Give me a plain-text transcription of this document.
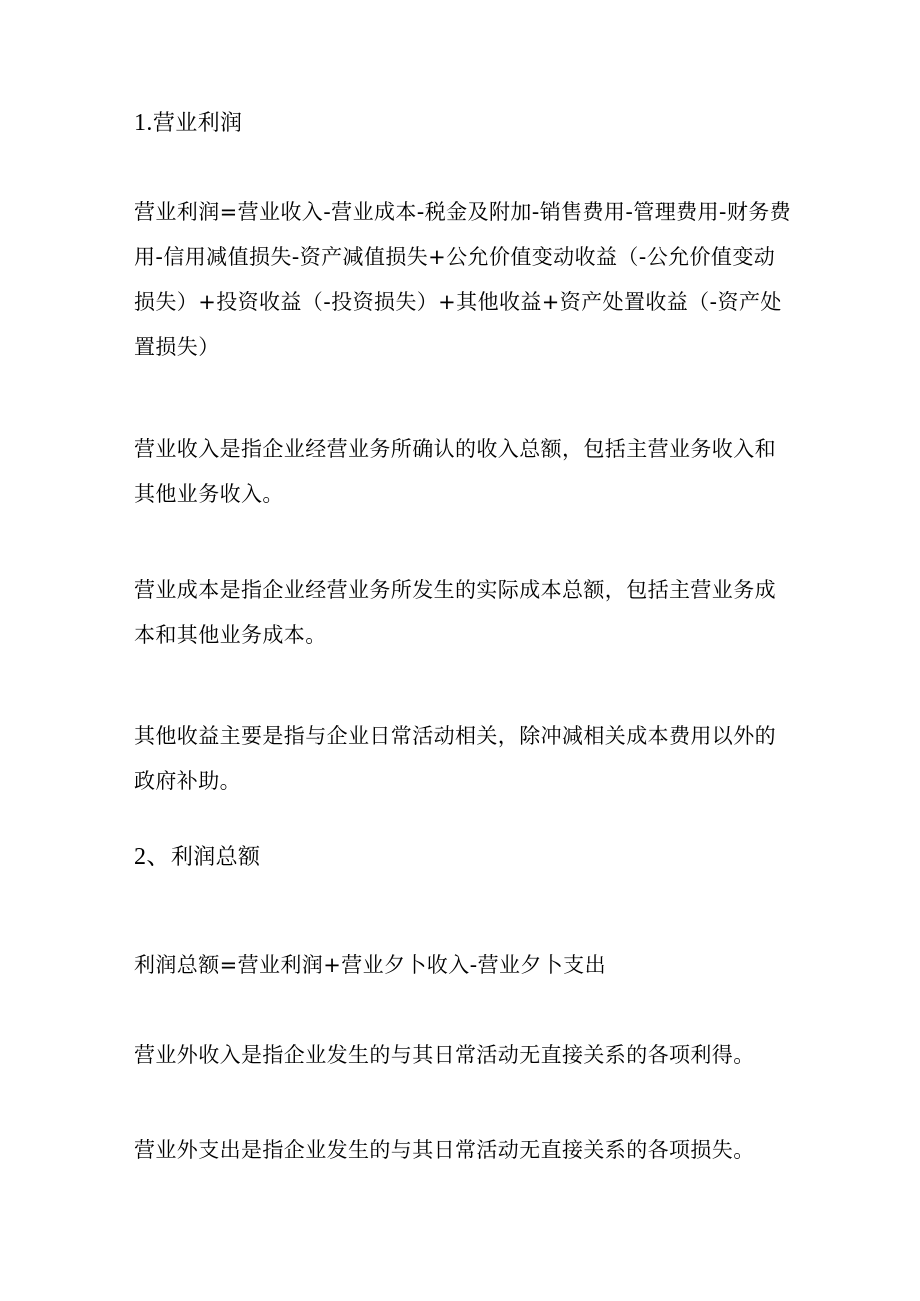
1.营业利润
营业利润=营业收入-营业成本-税金及附加-销售费用-管理费用-财务费用-信用减值损失-资产减值损失+公允价值变动收益（-公允价值变动损失）+投资收益（-投资损失）+其他收益+资产处置收益（-资产处置损失）
营业收入是指企业经营业务所确认的收入总额，包括主营业务收入和其他业务收入。
营业成本是指企业经营业务所发生的实际成本总额，包括主营业务成本和其他业务成本。
其他收益主要是指与企业日常活动相关，除冲减相关成本费用以外的政府补助。
2、利润总额
利润总额=营业利润+营业夕卜收入-营业夕卜支出
营业外收入是指企业发生的与其日常活动无直接关系的各项利得。
营业外支出是指企业发生的与其日常活动无直接关系的各项损失。
